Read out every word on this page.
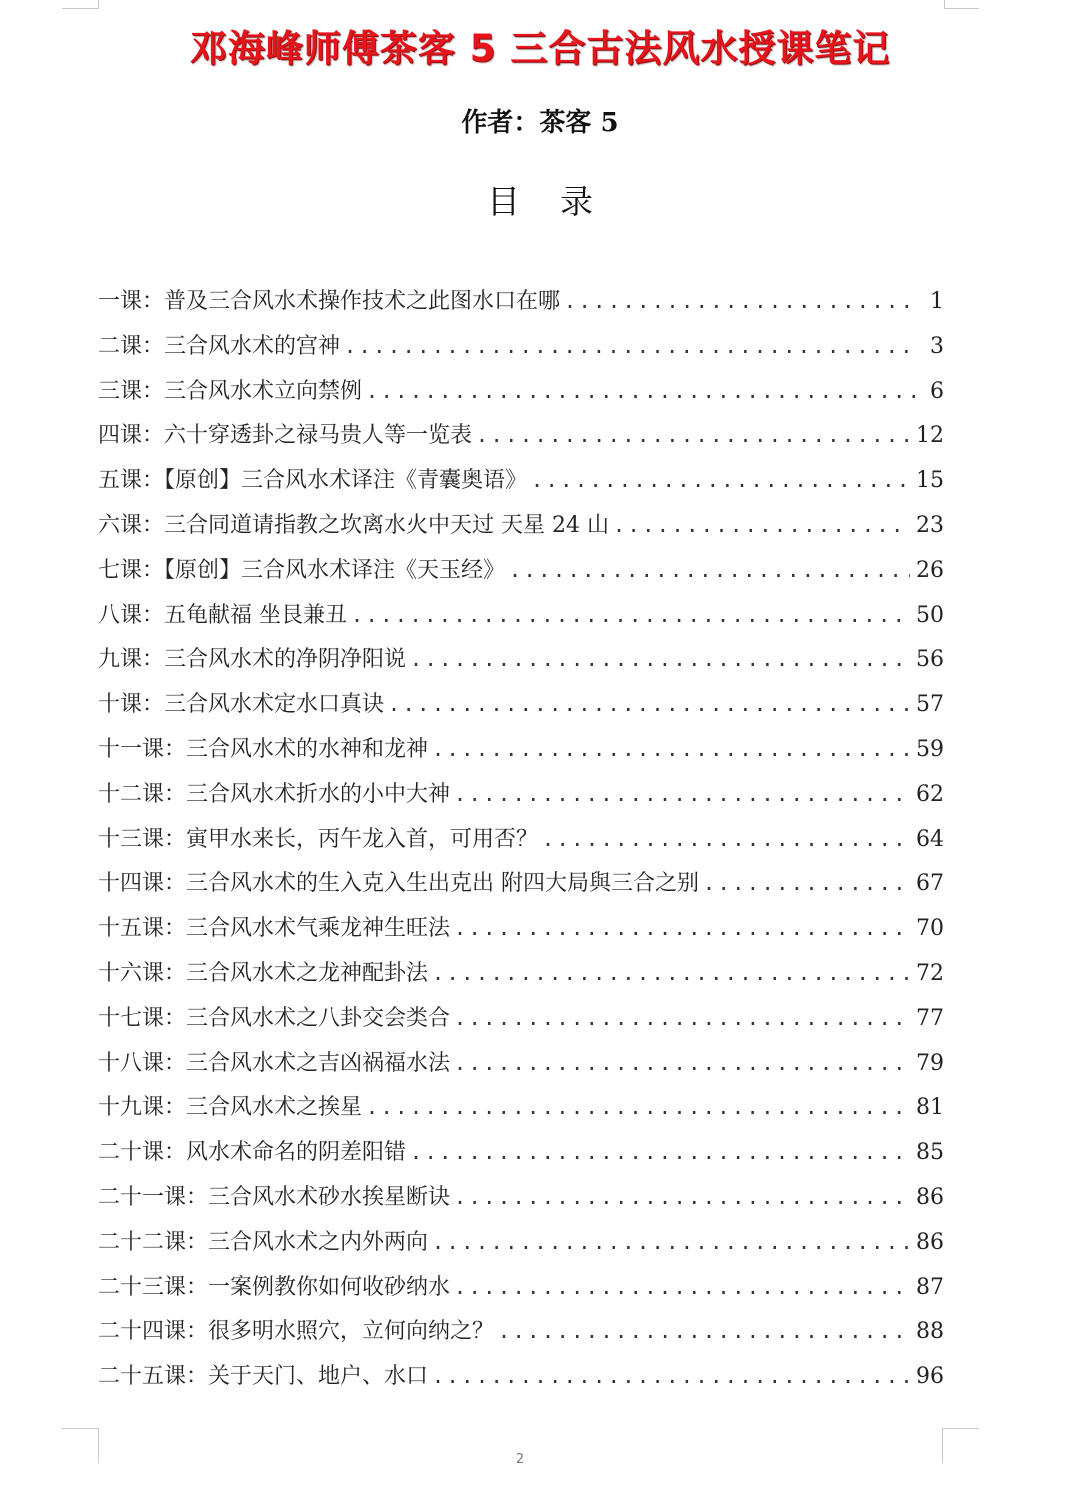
邓海峰师傅茶客 5 三合古法风水授课笔记
作者：茶客 5
目录
一课：普及三合风水术操作技术之此图水口在哪 .....	1
二课：三合风水术的宫神 .....	3
三课：三合风水术立向禁例 .....	6
四课：六十穿透卦之禄马贵人等一览表 .....	12
五课：【原创】三合风水术译注《青囊奥语》 .....	15
六课：三合同道请指教之坎离水火中天过 天星 24 山 .....	23
七课：【原创】三合风水术译注《天玉经》 .....	26
八课：五龟献福 坐艮兼丑 .....	50
九课：三合风水术的净阴净阳说 .....	56
十课：三合风水术定水口真诀 .....	57
十一课：三合风水术的水神和龙神 .....	59
十二课：三合风水术折水的小中大神 .....	62
十三课：寅甲水来长，丙午龙入首，可用否？ .....	64
十四课：三合风水术的生入克入生出克出 附四大局與三合之别 .....	67
十五课：三合风水术气乘龙神生旺法 .....	70
十六课：三合风水术之龙神配卦法 .....	72
十七课：三合风水术之八卦交会类合 .....	77
十八课：三合风水术之吉凶祸福水法 .....	79
十九课：三合风水术之挨星 .....	81
二十课：风水术命名的阴差阳错 .....	85
二十一课：三合风水术砂水挨星断诀 .....	86
二十二课：三合风水术之内外两向 .....	86
二十三课：一案例教你如何收砂纳水 .....	87
二十四课：很多明水照穴，立何向纳之？ .....	88
二十五课：关于天门、地户、水口 .....	96
2
